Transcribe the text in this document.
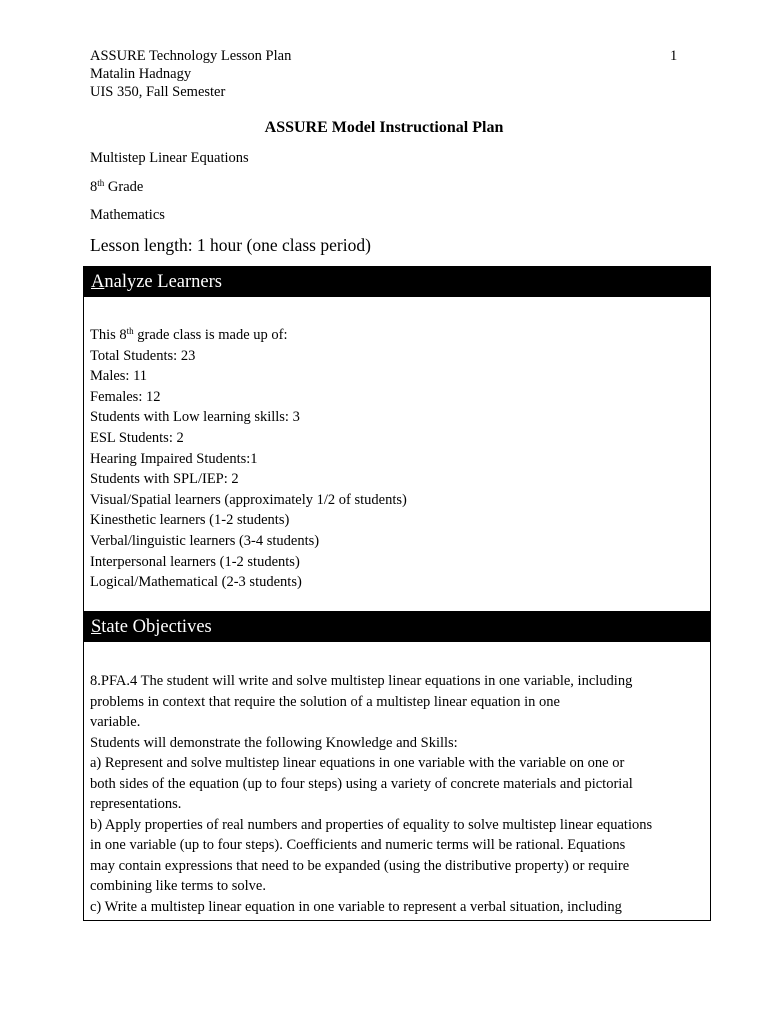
ASSURE Technology Lesson Plan
Matalin Hadnagy
UIS 350, Fall Semester
1
ASSURE Model Instructional Plan
Multistep Linear Equations
8th Grade
Mathematics
Lesson length: 1 hour (one class period)
Analyze Learners
This 8th grade class is made up of:
Total Students: 23
Males: 11
Females: 12
Students with Low learning skills: 3
ESL Students: 2
Hearing Impaired Students:1
Students with SPL/IEP: 2
Visual/Spatial learners (approximately 1/2 of students)
Kinesthetic learners (1-2 students)
Verbal/linguistic learners (3-4 students)
Interpersonal learners (1-2 students)
Logical/Mathematical (2-3 students)
State Objectives
8.PFA.4 The student will write and solve multistep linear equations in one variable, including
problems in context that require the solution of a multistep linear equation in one
variable.
Students will demonstrate the following Knowledge and Skills:
a) Represent and solve multistep linear equations in one variable with the variable on one or
both sides of the equation (up to four steps) using a variety of concrete materials and pictorial
representations.
b) Apply properties of real numbers and properties of equality to solve multistep linear equations
in one variable (up to four steps). Coefficients and numeric terms will be rational. Equations
may contain expressions that need to be expanded (using the distributive property) or require
combining like terms to solve.
c) Write a multistep linear equation in one variable to represent a verbal situation, including
